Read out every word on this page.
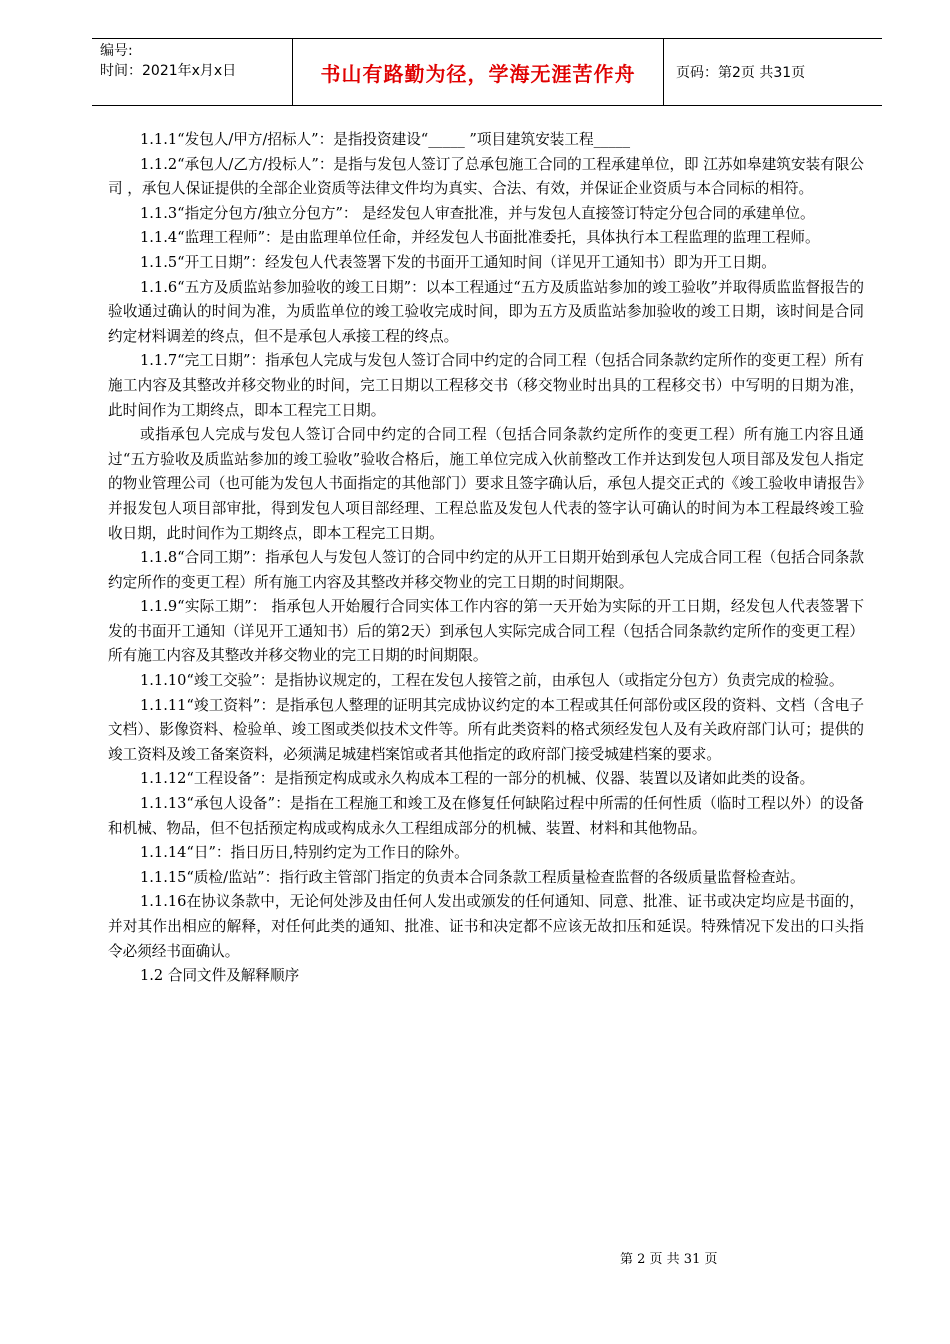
编号:
时间：2021年x月x日	书山有路勤为径，学海无涯苦作舟	页码：第2页 共31页

1.1.1“发包人/甲方/招标人”：是指投资建设“_____ ”项目建筑安装工程_____

1.1.2“承包人/乙方/投标人”：是指与发包人签订了总承包施工合同的工程承建单位，即 江苏如皋建筑安装有限公司 ，承包人保证提供的全部企业资质等法律文件均为真实、合法、有效，并保证企业资质与本合同标的相符。

1.1.3“指定分包方/独立分包方”： 是经发包人审查批准，并与发包人直接签订特定分包合同的承建单位。

1.1.4“监理工程师”：是由监理单位任命，并经发包人书面批准委托，具体执行本工程监理的监理工程师。

1.1.5“开工日期”：经发包人代表签署下发的书面开工通知时间（详见开工通知书）即为开工日期。

1.1.6“五方及质监站参加验收的竣工日期”：以本工程通过“五方及质监站参加的竣工验收”并取得质监监督报告的验收通过确认的时间为准，为质监单位的竣工验收完成时间，即为五方及质监站参加验收的竣工日期，该时间是合同约定材料调差的终点，但不是承包人承接工程的终点。

1.1.7“完工日期”：指承包人完成与发包人签订合同中约定的合同工程（包括合同条款约定所作的变更工程）所有施工内容及其整改并移交物业的时间，完工日期以工程移交书（移交物业时出具的工程移交书）中写明的日期为准，此时间作为工期终点，即本工程完工日期。

或指承包人完成与发包人签订合同中约定的合同工程（包括合同条款约定所作的变更工程）所有施工内容且通过“五方验收及质监站参加的竣工验收”验收合格后，施工单位完成入伙前整改工作并达到发包人项目部及发包人指定的物业管理公司（也可能为发包人书面指定的其他部门）要求且签字确认后，承包人提交正式的《竣工验收申请报告》并报发包人项目部审批，得到发包人项目部经理、工程总监及发包人代表的签字认可确认的时间为本工程最终竣工验收日期，此时间作为工期终点，即本工程完工日期。

1.1.8“合同工期”：指承包人与发包人签订的合同中约定的从开工日期开始到承包人完成合同工程（包括合同条款约定所作的变更工程）所有施工内容及其整改并移交物业的完工日期的时间期限。

1.1.9“实际工期”： 指承包人开始履行合同实体工作内容的第一天开始为实际的开工日期，经发包人代表签署下发的书面开工通知（详见开工通知书）后的第2天）到承包人实际完成合同工程（包括合同条款约定所作的变更工程）所有施工内容及其整改并移交物业的完工日期的时间期限。

1.1.10“竣工交验”：是指协议规定的，工程在发包人接管之前，由承包人（或指定分包方）负责完成的检验。

1.1.11“竣工资料”：是指承包人整理的证明其完成协议约定的本工程或其任何部份或区段的资料、文档（含电子文档）、影像资料、检验单、竣工图或类似技术文件等。所有此类资料的格式须经发包人及有关政府部门认可；提供的竣工资料及竣工备案资料，必须满足城建档案馆或者其他指定的政府部门接受城建档案的要求。

1.1.12“工程设备”：是指预定构成或永久构成本工程的一部分的机械、仪器、装置以及诸如此类的设备。

1.1.13“承包人设备”：是指在工程施工和竣工及在修复任何缺陷过程中所需的任何性质（临时工程以外）的设备和机械、物品，但不包括预定构成或构成永久工程组成部分的机械、装置、材料和其他物品。

1.1.14“日”：指日历日,特别约定为工作日的除外。

1.1.15“质检/监站”：指行政主管部门指定的负责本合同条款工程质量检查监督的各级质量监督检查站。

1.1.16在协议条款中，无论何处涉及由任何人发出或颁发的任何通知、同意、批准、证书或决定均应是书面的，并对其作出相应的解释，对任何此类的通知、批准、证书和决定都不应该无故扣压和延误。特殊情况下发出的口头指令必须经书面确认。

1.2 合同文件及解释顺序

第 2 页 共 31 页
